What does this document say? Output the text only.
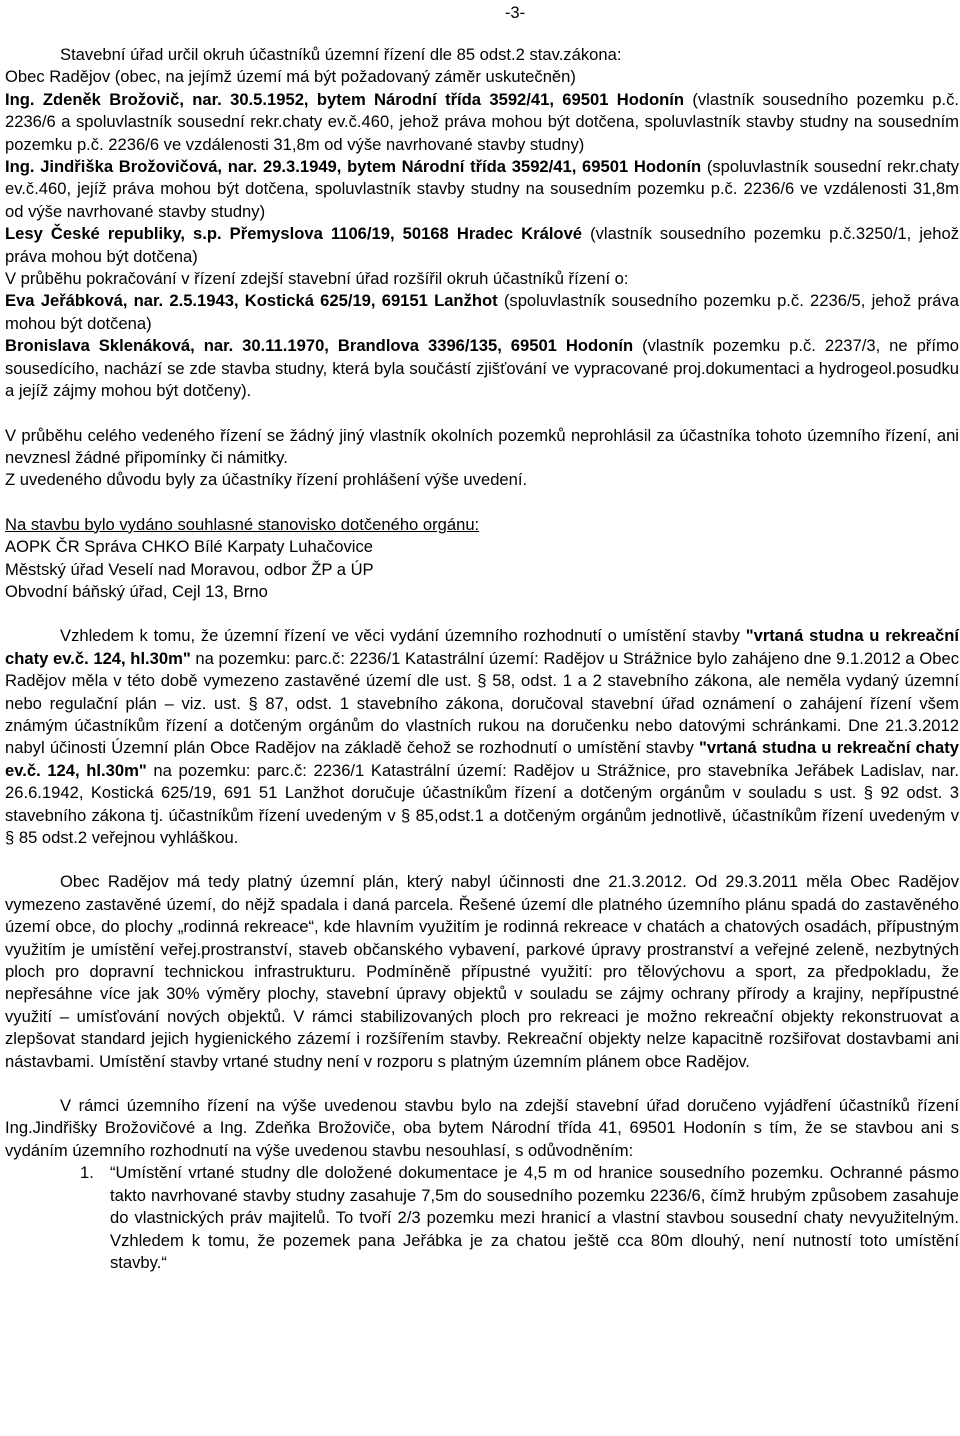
-3-

Stavební úřad určil okruh účastníků územní řízení dle 85 odst.2 stav.zákona:

Obec Radějov (obec, na jejímž území má být požadovaný záměr uskutečněn)

Ing. Zdeněk Brožovič, nar. 30.5.1952, bytem Národní třída 3592/41, 69501 Hodonín (vlastník sousedního pozemku p.č. 2236/6 a spoluvlastník sousední rekr.chaty ev.č.460, jehož práva mohou být dotčena, spoluvlastník stavby studny na sousedním pozemku p.č. 2236/6 ve vzdálenosti 31,8m od výše navrhované stavby studny)

Ing. Jindřiška Brožovičová, nar. 29.3.1949, bytem Národní třída 3592/41, 69501 Hodonín (spoluvlastník sousední rekr.chaty ev.č.460, jejíž práva mohou být dotčena, spoluvlastník stavby studny na sousedním pozemku p.č. 2236/6 ve vzdálenosti 31,8m od výše navrhované stavby studny)

Lesy České republiky, s.p. Přemyslova 1106/19, 50168 Hradec Králové (vlastník sousedního pozemku p.č.3250/1, jehož práva mohou být dotčena)

V průběhu pokračování v řízení zdejší stavební úřad rozšířil okruh účastníků řízení o:

Eva Jeřábková, nar. 2.5.1943, Kostická 625/19, 69151 Lanžhot (spoluvlastník sousedního pozemku p.č. 2236/5, jehož práva mohou být dotčena)

Bronislava Sklenáková, nar. 30.11.1970, Brandlova 3396/135, 69501 Hodonín (vlastník pozemku p.č. 2237/3, ne přímo sousedícího, nachází se zde stavba studny, která byla součástí zjišťování ve vypracované proj.dokumentaci a hydrogeol.posudku a jejíž zájmy mohou být dotčeny).

V průběhu celého vedeného řízení se žádný jiný vlastník okolních pozemků neprohlásil za účastníka tohoto územního řízení, ani nevznesl žádné připomínky či námitky.

Z uvedeného důvodu byly za účastníky řízení prohlášení výše uvedení.

Na stavbu bylo vydáno souhlasné stanovisko dotčeného orgánu:

AOPK ČR Správa CHKO Bílé Karpaty Luhačovice

Městský úřad Veselí nad Moravou, odbor ŽP a ÚP

Obvodní báňský úřad, Cejl 13, Brno

Vzhledem k tomu, že územní řízení ve věci vydání územního rozhodnutí o umístění stavby "vrtaná studna u rekreační chaty ev.č. 124, hl.30m" na pozemku: parc.č: 2236/1 Katastrální území: Radějov u Strážnice bylo zahájeno dne 9.1.2012 a Obec Radějov měla v této době vymezeno zastavěné území dle ust. § 58, odst. 1 a 2 stavebního zákona, ale neměla vydaný územní nebo regulační plán – viz. ust. § 87, odst. 1 stavebního zákona, doručoval stavební úřad oznámení o zahájení řízení všem známým účastníkům řízení a dotčeným orgánům do vlastních rukou na doručenku nebo datovými schránkami. Dne 21.3.2012 nabyl účinosti Územní plán Obce Radějov na základě čehož se rozhodnutí o umístění stavby "vrtaná studna u rekreační chaty ev.č. 124, hl.30m" na pozemku: parc.č: 2236/1 Katastrální území: Radějov u Strážnice, pro stavebníka Jeřábek Ladislav, nar. 26.6.1942, Kostická 625/19, 691 51 Lanžhot doručuje účastníkům řízení a dotčeným orgánům v souladu s ust. § 92 odst. 3 stavebního zákona tj. účastníkům řízení uvedeným v § 85,odst.1 a dotčeným orgánům jednotlivě, účastníkům řízení uvedeným v § 85 odst.2 veřejnou vyhláškou.

Obec Radějov má tedy platný územní plán, který nabyl účinnosti dne 21.3.2012. Od 29.3.2011 měla Obec Radějov vymezeno zastavěné území, do nějž spadala i daná parcela. Řešené území dle platného územního plánu spadá do zastavěného území obce, do plochy „rodinná rekreace“, kde hlavním využitím je rodinná rekreace v chatách a chatových osadách, přípustným využitím je umístění veřej.prostranství, staveb občanského vybavení, parkové úpravy prostranství a veřejné zeleně, nezbytných ploch pro dopravní technickou infrastrukturu. Podmíněně přípustné využití: pro tělovýchovu a sport, za předpokladu, že nepřesáhne více jak 30% výměry plochy, stavební úpravy objektů v souladu se zájmy ochrany přírody a krajiny, nepřípustné využití – umísťování nových objektů. V rámci stabilizovaných ploch pro rekreaci je možno rekreační objekty rekonstruovat a zlepšovat standard jejich hygienického zázemí i rozšířením stavby. Rekreační objekty nelze kapacitně rozšiřovat dostavbami ani nástavbami. Umístění stavby vrtané studny není v rozporu s platným územním plánem obce Radějov.

V rámci územního řízení na výše uvedenou stavbu bylo na zdejší stavební úřad doručeno vyjádření účastníků řízení Ing.Jindřišky Brožovičové a Ing. Zdeňka Brožoviče, oba bytem Národní třída 41, 69501 Hodonín s tím, že se stavbou ani s vydáním územního rozhodnutí na výše uvedenou stavbu nesouhlasí, s odůvodněním:

1. “Umístění vrtané studny dle doložené dokumentace je 4,5 m od hranice sousedního pozemku. Ochranné pásmo takto navrhované stavby studny zasahuje 7,5m do sousedního pozemku 2236/6, čímž hrubým způsobem zasahuje do vlastnických práv majitelů. To tvoří 2/3 pozemku mezi hranicí a vlastní stavbou sousední chaty nevyužitelným. Vzhledem k tomu, že pozemek pana Jeřábka je za chatou ještě cca 80m dlouhý, není nutností toto umístění stavby.“
